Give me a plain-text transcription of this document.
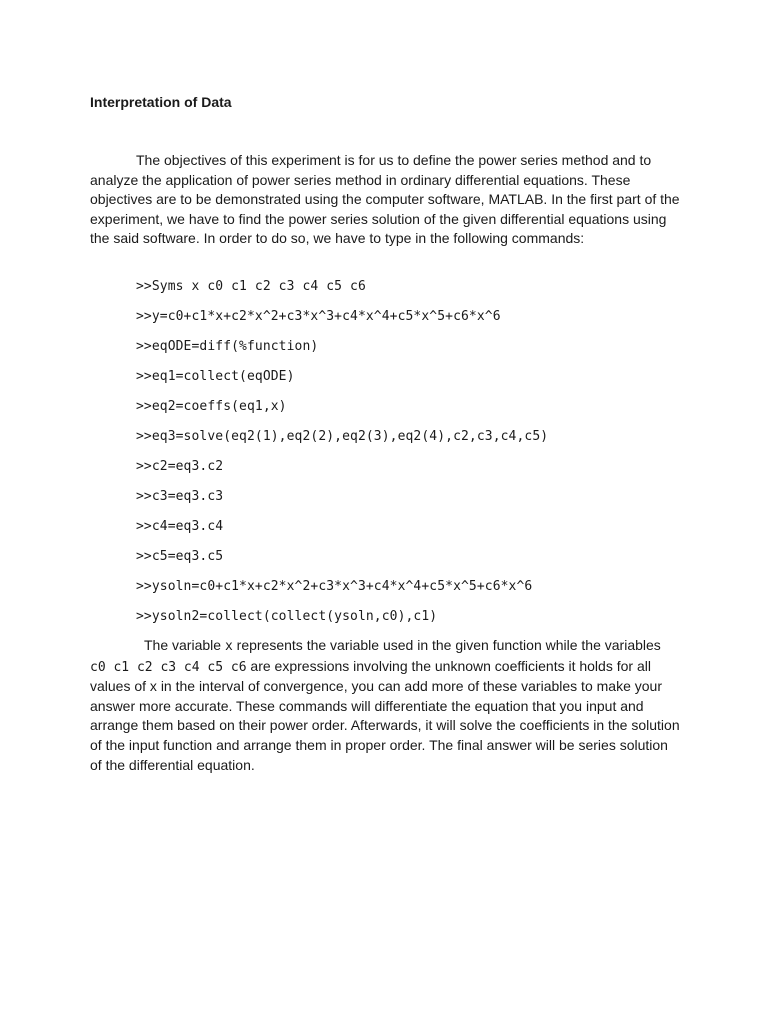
Interpretation of Data

The objectives of this experiment is for us to define the power series method and to analyze the application of power series method in ordinary differential equations. These objectives are to be demonstrated using the computer software, MATLAB. In the first part of the experiment, we have to find the power series solution of the given differential equations using the said software. In order to do so, we have to type in the following commands:

>>Syms x c0 c1 c2 c3 c4 c5 c6
>>y=c0+c1*x+c2*x^2+c3*x^3+c4*x^4+c5*x^5+c6*x^6
>>eqODE=diff(%function)
>>eq1=collect(eqODE)
>>eq2=coeffs(eq1,x)
>>eq3=solve(eq2(1),eq2(2),eq2(3),eq2(4),c2,c3,c4,c5)
>>c2=eq3.c2
>>c3=eq3.c3
>>c4=eq3.c4
>>c5=eq3.c5
>>ysoln=c0+c1*x+c2*x^2+c3*x^3+c4*x^4+c5*x^5+c6*x^6
>>ysoln2=collect(collect(ysoln,c0),c1)

The variable x represents the variable used in the given function while the variables c0 c1 c2 c3 c4 c5 c6 are expressions involving the unknown coefficients it holds for all values of x in the interval of convergence, you can add more of these variables to make your answer more accurate. These commands will differentiate the equation that you input and arrange them based on their power order. Afterwards, it will solve the coefficients in the solution of the input function and arrange them in proper order. The final answer will be series solution of the differential equation.
